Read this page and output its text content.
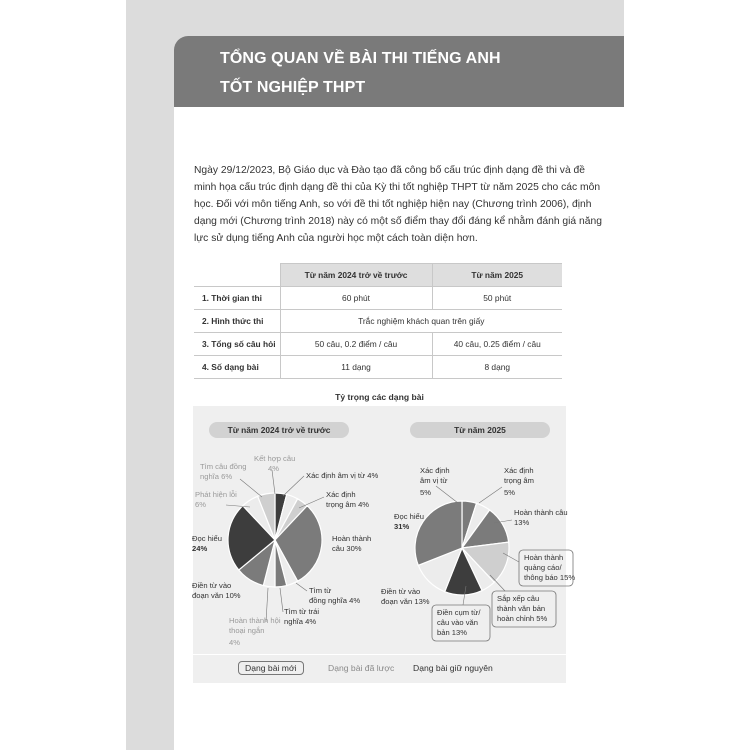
TỔNG QUAN VỀ BÀI THI TIẾNG ANH
TỐT NGHIỆP THPT

Ngày 29/12/2023, Bộ Giáo dục và Đào tạo đã công bố cấu trúc định dạng đề thi và đề minh họa cấu trúc định dạng đề thi của Kỳ thi tốt nghiệp THPT từ năm 2025 cho các môn học. Đối với môn tiếng Anh, so với đề thi tốt nghiệp hiện nay (Chương trình 2006), định dạng mới (Chương trình 2018) này có một số điểm thay đổi đáng kể nhằm đánh giá năng lực sử dụng tiếng Anh của người học một cách toàn diện hơn.

	Từ năm 2024 trở về trước	Từ năm 2025
1. Thời gian thi	60 phút	50 phút
2. Hình thức thi	Trắc nghiệm khách quan trên giấy	
3. Tổng số câu hỏi	50 câu, 0.2 điểm / câu	40 câu, 0.25 điểm / câu
4. Số dạng bài	11 dạng	8 dạng
Tỷ trọng các dạng bài
Từ năm 2024 trở về trước	Từ năm 2025
Kết hợp câu 4%
Tìm câu đồng nghĩa 6%	Xác định âm vị từ 4%
Xác định trọng âm 4%
Phát hiện lỗi 6%
Đọc hiểu 24%
Hoàn thành câu 30%
Điền từ vào đoạn văn 10%
Tìm từ đồng nghĩa 4%
Tìm từ trái nghĩa 4%
Hoàn thành hội thoại ngắn 4%
Xác định âm vị từ 5%
Xác định trọng âm 5%
Hoàn thành câu 13%
Đọc hiểu 31%
Hoàn thành quảng cáo/ thông báo 15%
Sắp xếp câu thành văn bản hoàn chỉnh 5%
Điền từ vào đoạn văn 13%
Điền cụm từ/ câu vào văn bản 13%
Dạng bài mới	Dạng bài đã lược Dạng bài giữ nguyên
